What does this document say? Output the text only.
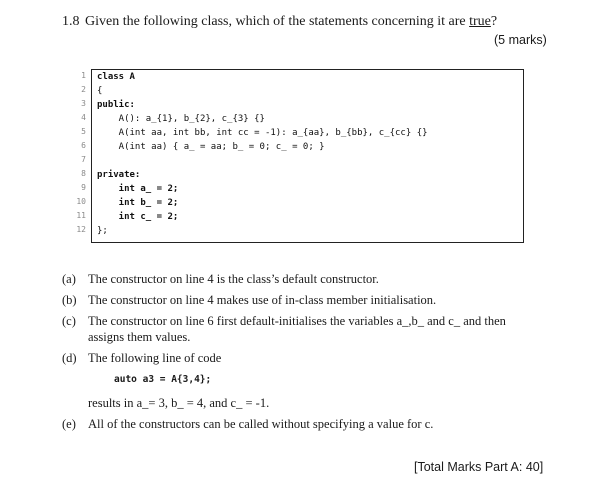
1.8 Given the following class, which of the statements concerning it are true?
(5 marks)
1
2
3
4
5
6
7
8
9
10
11
12
class A
{
public:
A(): a_{1}, b_{2}, c_{3} {}
A(int aa, int bb, int cc = -1): a_{aa}, b_{bb}, c_{cc} {}
A(int aa) { a_ = aa; b_ = 0; c_ = 0; }
private:
int a_ = 2;
int b_ = 2;
int c_ = 2;
};
(a) The constructor on line 4 is the class’s default constructor.
(b) The constructor on line 4 makes use of in-class member initialisation.
(c) The constructor on line 6 first default-initialises the variables a_,b_ and c_ and then
assigns them values.
(d) The following line of code
auto a3 = A{3,4};
results in a_= 3, b_ = 4, and c_ = -1.
(e) All of the constructors can be called without specifying a value for c.
[Total Marks Part A: 40]
